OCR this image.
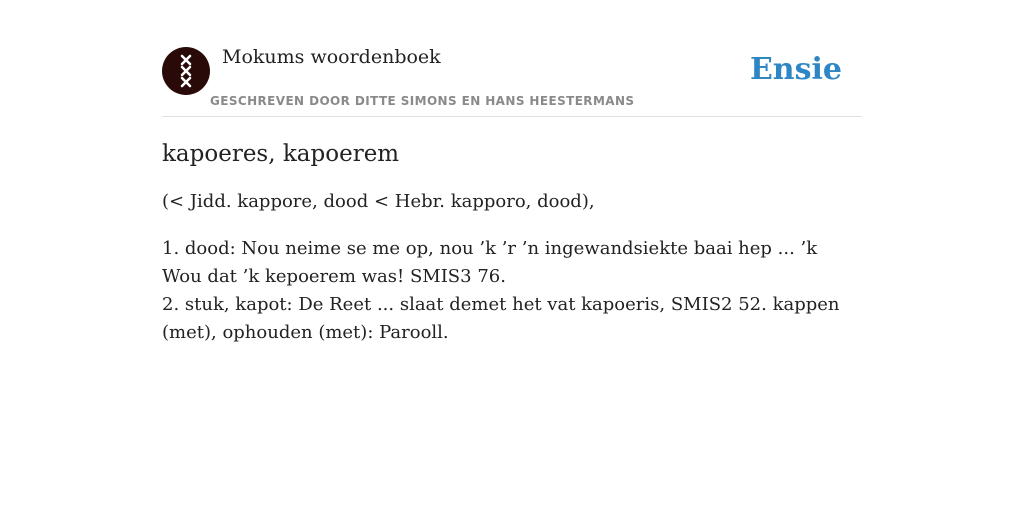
Mokums woordenboek
GESCHREVEN DOOR DITTE SIMONS EN HANS HEESTERMANS
Ensie
kapoeres, kapoerem

(< Jidd. kappore, dood < Hebr. kapporo, dood),

1. dood: Nou neime se me op, nou ’k ’r ’n ingewandsiekte baai hep ... ’k Wou dat ’k kepoerem was! SMIS3 76.

2. stuk, kapot: De Reet ... slaat demet het vat kapoeris, SMIS2 52. kappen (met), ophouden (met): Parooll.
